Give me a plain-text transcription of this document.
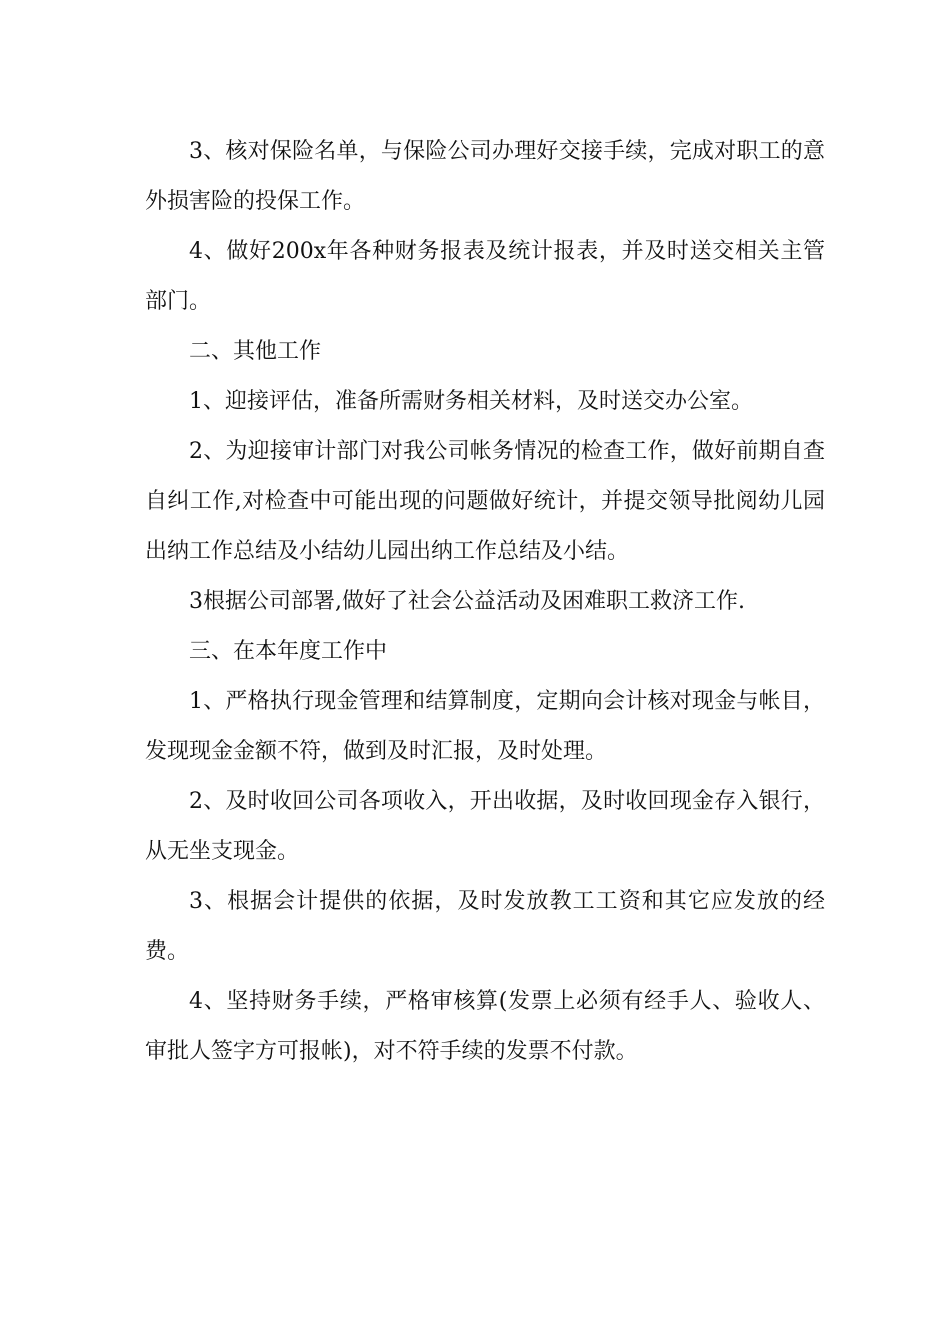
3、核对保险名单，与保险公司办理好交接手续，完成对职工的意外损害险的投保工作。

4、做好200x年各种财务报表及统计报表，并及时送交相关主管部门。

二、其他工作

1、迎接评估，准备所需财务相关材料，及时送交办公室。

2、为迎接审计部门对我公司帐务情况的检查工作，做好前期自查自纠工作,对检查中可能出现的问题做好统计，并提交领导批阅幼儿园出纳工作总结及小结幼儿园出纳工作总结及小结。

3根据公司部署,做好了社会公益活动及困难职工救济工作.

三、在本年度工作中

1、严格执行现金管理和结算制度，定期向会计核对现金与帐目，发现现金金额不符，做到及时汇报，及时处理。

2、及时收回公司各项收入，开出收据，及时收回现金存入银行，从无坐支现金。

3、根据会计提供的依据，及时发放教工工资和其它应发放的经费。

4、坚持财务手续，严格审核算(发票上必须有经手人、验收人、审批人签字方可报帐)，对不符手续的发票不付款。
